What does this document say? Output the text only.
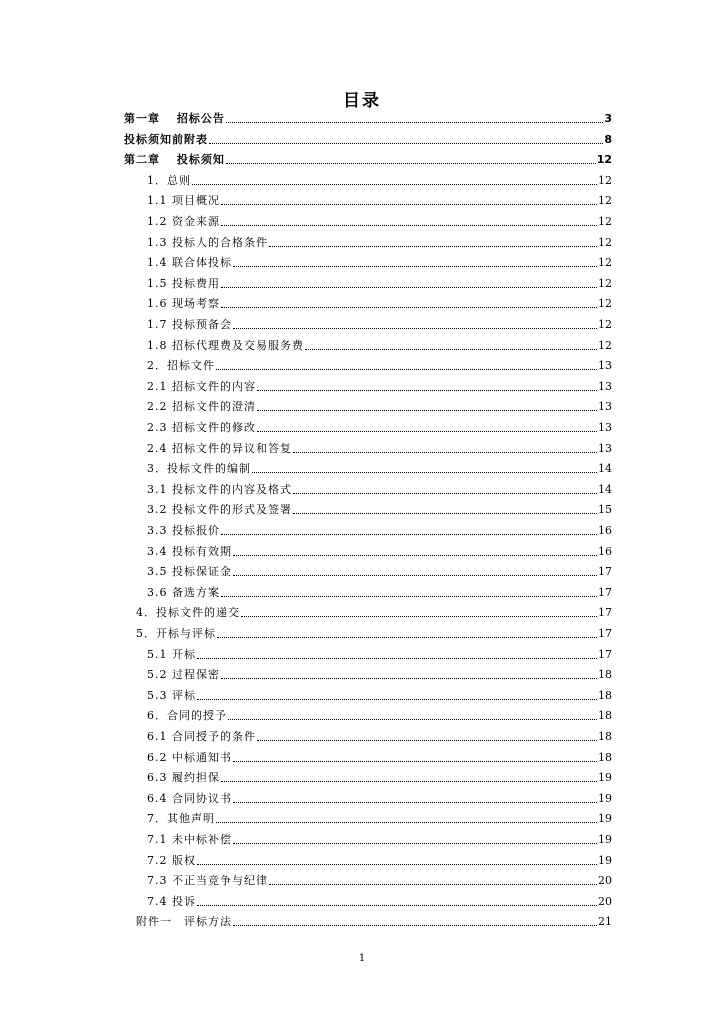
目录
第一章　 招标公告	3
投标须知前附表	8
第二章　 投标须知	12
1．总则	12
1.1 项目概况	12
1.2 资金来源	12
1.3 投标人的合格条件	12
1.4 联合体投标	12
1.5 投标费用	12
1.6 现场考察	12
1.7 投标预备会	12
1.8 招标代理费及交易服务费	12
2．招标文件	13
2.1 招标文件的内容	13
2.2 招标文件的澄清	13
2.3 招标文件的修改	13
2.4 招标文件的异议和答复	13
3．投标文件的编制	14
3.1 投标文件的内容及格式	14
3.2 投标文件的形式及签署	15
3.3 投标报价	16
3.4 投标有效期	16
3.5 投标保证金	17
3.6 备选方案	17
4．投标文件的递交	17
5．开标与评标	17
5.1 开标	17
5.2 过程保密	18
5.3 评标	18
6．合同的授予	18
6.1 合同授予的条件	18
6.2 中标通知书	18
6.3 履约担保	19
6.4 合同协议书	19
7．其他声明	19
7.1 未中标补偿	19
7.2 版权	19
7.3 不正当竞争与纪律	20
7.4 投诉	20
附件一　评标方法	21
1
